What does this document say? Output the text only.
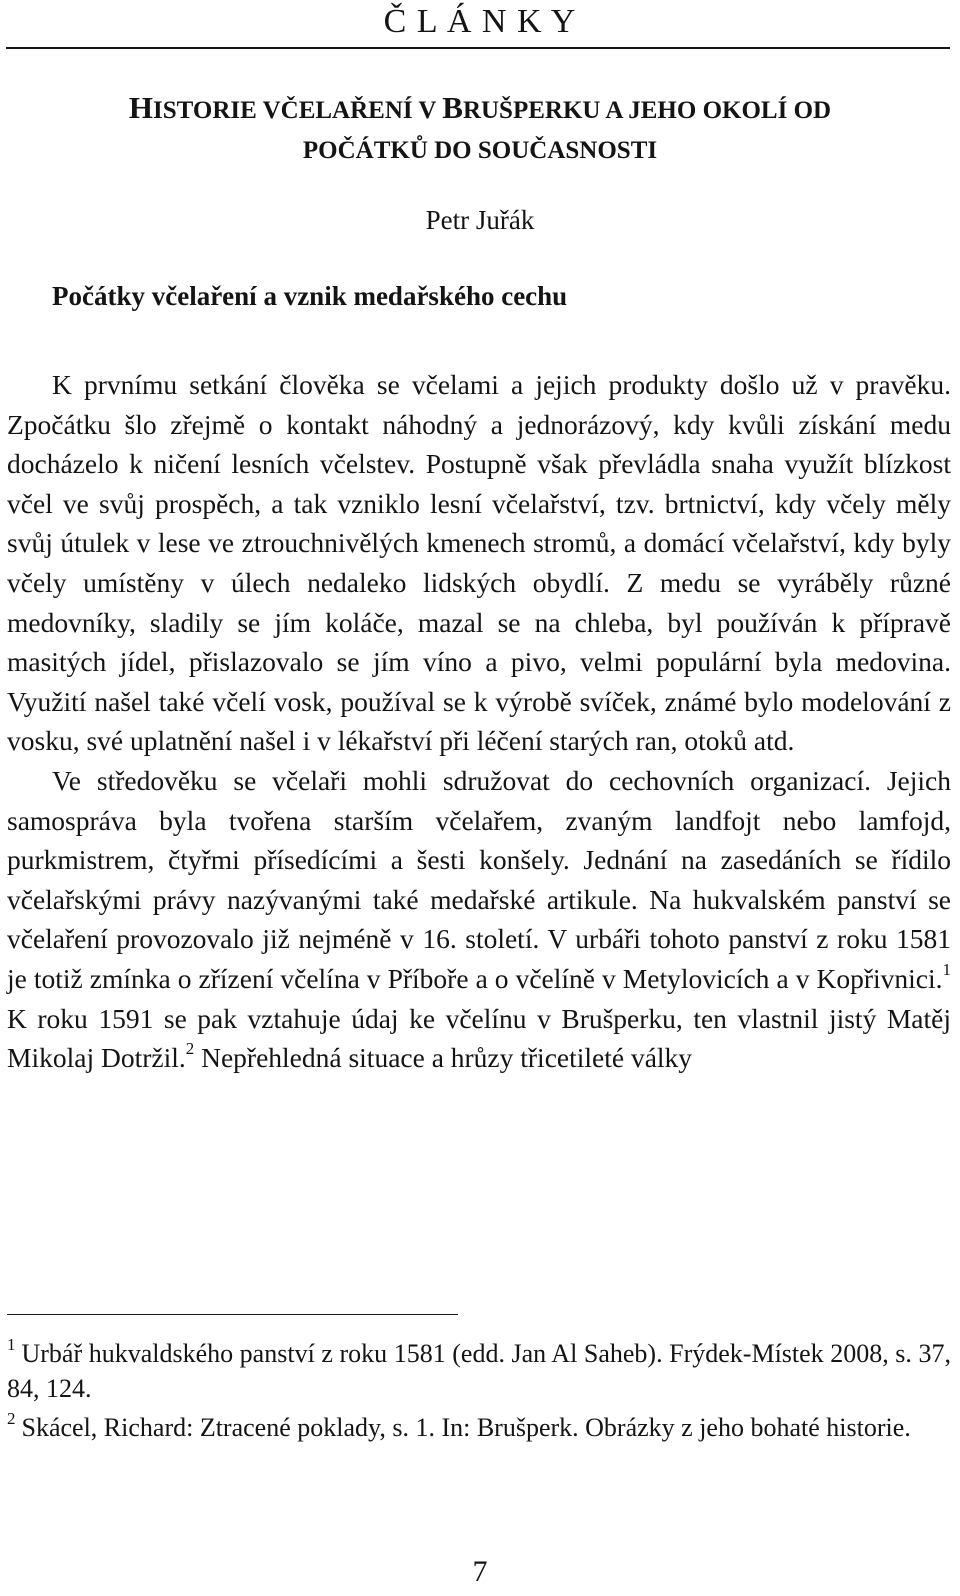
Č L Á N K Y
HISTORIE VČELAŘENÍ V BRUŠPERKU A JEHO OKOLÍ OD
POČÁTKŮ DO SOUČASNOSTI

Petr Juřák

Počátky včelaření a vznik medařského cechu

K prvnímu setkání člověka se včelami a jejich produkty došlo už v pravěku. Zpočátku šlo zřejmě o kontakt náhodný a jednorázový, kdy kvůli získání medu docházelo k ničení lesních včelstev. Postupně však převládla snaha využít blízkost včel ve svůj prospěch, a tak vzniklo lesní včelařství, tzv. brtnictví, kdy včely měly svůj útulek v lese ve ztrouchnivělých kmenech stromů, a domácí včelařství, kdy byly včely umístěny v úlech nedaleko lidských obydlí. Z medu se vyráběly různé medovníky, sladily se jím koláče, mazal se na chleba, byl používán k přípravě masitých jídel, přislazovalo se jím víno a pivo, velmi populární byla medovina. Využití našel také včelí vosk, používal se k výrobě svíček, známé bylo modelování z vosku, své uplatnění našel i v lékařství při léčení starých ran, otoků atd.

Ve středověku se včelaři mohli sdružovat do cechovních organizací. Jejich samospráva byla tvořena starším včelařem, zvaným landfojt nebo lamfojd, purkmistrem, čtyřmi přísedícími a šesti konšely. Jednání na zasedáních se řídilo včelařskými právy nazývanými také medařské artikule. Na hukvalském panství se včelaření provozovalo již nejméně v 16. století. V urbáři tohoto panství z roku 1581 je totiž zmínka o zřízení včelína v Příboře a o včelíně v Metylovicích a v Kopřivnici.$^1$ K roku 1591 se pak vztahuje údaj ke včelínu v Brušperku, ten vlastnil jistý Matěj Mikolaj Dotržil.$^2$ Nepřehledná situace a hrůzy třicetileté války

$^1$ Urbář hukvaldského panství z roku 1581 (edd. Jan Al Saheb). Frýdek-Místek 2008, s. 37, 84, 124.

$^2$ Skácel, Richard: Ztracené poklady, s. 1. In: Brušperk. Obrázky z jeho bohaté historie.

7
